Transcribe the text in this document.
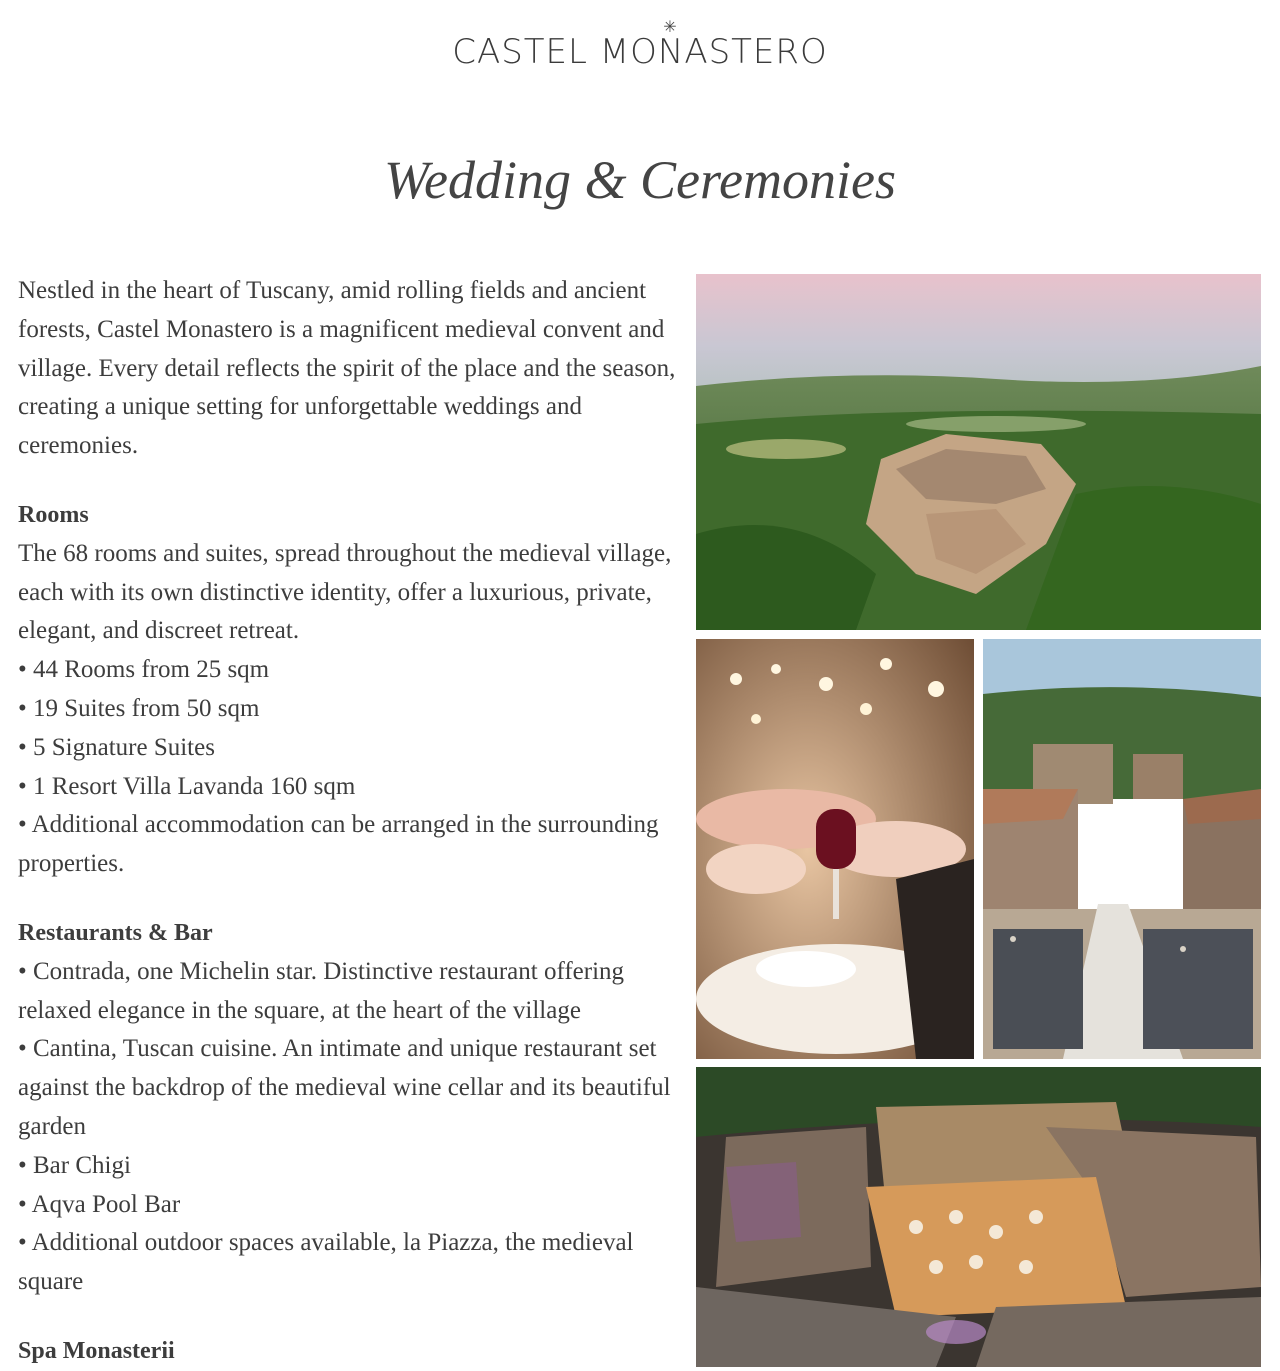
✳
CASTEL MONASTERO
Wedding & Ceremonies

Nestled in the heart of Tuscany, amid rolling fields and ancient forests, Castel Monastero is a magnificent medieval convent and village. Every detail reflects the spirit of the place and the season, creating a unique setting for unforgettable weddings and ceremonies.

Rooms

The 68 rooms and suites, spread throughout the medieval village, each with its own distinctive identity, offer a luxurious, private, elegant, and discreet retreat.

• 44 Rooms from 25 sqm

• 19 Suites from 50 sqm

• 5 Signature Suites

• 1 Resort Villa Lavanda 160 sqm

• Additional accommodation can be arranged in the surrounding properties.

Restaurants & Bar

• Contrada, one Michelin star. Distinctive restaurant offering relaxed elegance in the square, at the heart of the village

• Cantina, Tuscan cuisine. An intimate and unique restaurant set against the backdrop of the medieval wine cellar and its beautiful garden

• Bar Chigi

• Aqva Pool Bar

• Additional outdoor spaces available, la Piazza, the medieval square

Spa Monasterii
